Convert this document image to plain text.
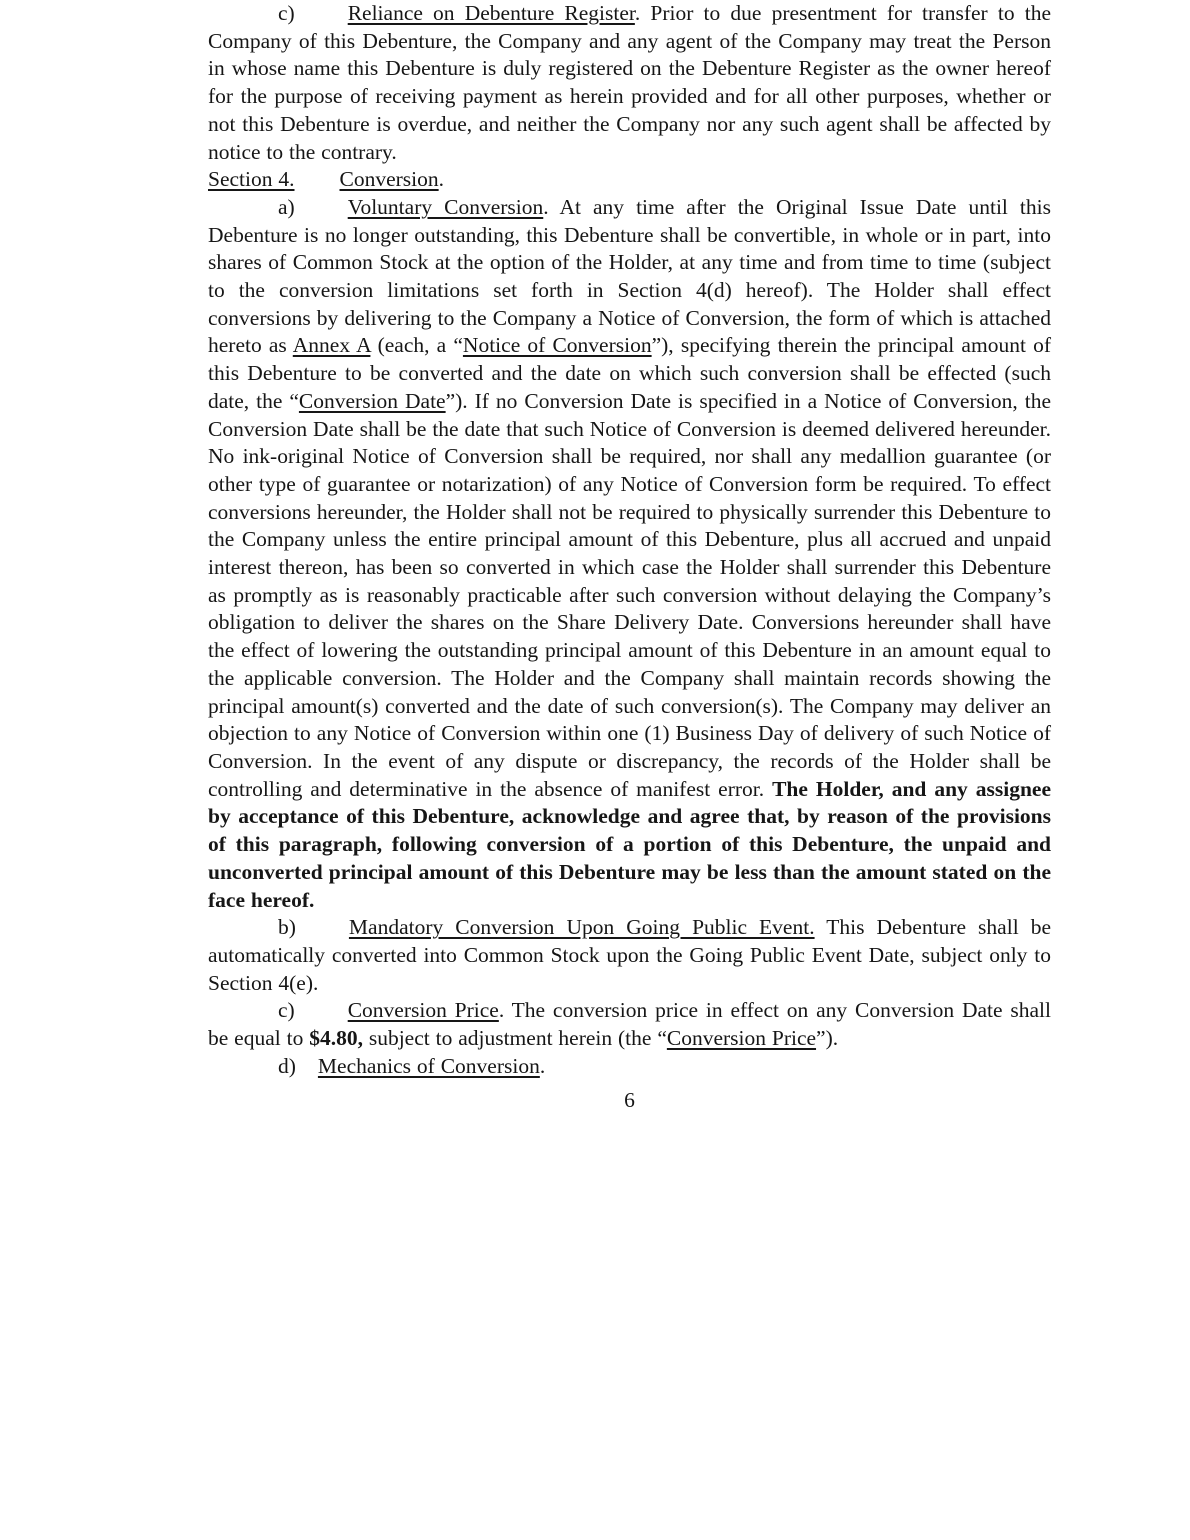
c) Reliance on Debenture Register. Prior to due presentment for transfer to the Company of this Debenture, the Company and any agent of the Company may treat the Person in whose name this Debenture is duly registered on the Debenture Register as the owner hereof for the purpose of receiving payment as herein provided and for all other purposes, whether or not this Debenture is overdue, and neither the Company nor any such agent shall be affected by notice to the contrary.

Section 4. Conversion.

a) Voluntary Conversion. At any time after the Original Issue Date until this Debenture is no longer outstanding, this Debenture shall be convertible, in whole or in part, into shares of Common Stock at the option of the Holder, at any time and from time to time (subject to the conversion limitations set forth in Section 4(d) hereof). The Holder shall effect conversions by delivering to the Company a Notice of Conversion, the form of which is attached hereto as Annex A (each, a “Notice of Conversion”), specifying therein the principal amount of this Debenture to be converted and the date on which such conversion shall be effected (such date, the “Conversion Date”). If no Conversion Date is specified in a Notice of Conversion, the Conversion Date shall be the date that such Notice of Conversion is deemed delivered hereunder. No ink-original Notice of Conversion shall be required, nor shall any medallion guarantee (or other type of guarantee or notarization) of any Notice of Conversion form be required. To effect conversions hereunder, the Holder shall not be required to physically surrender this Debenture to the Company unless the entire principal amount of this Debenture, plus all accrued and unpaid interest thereon, has been so converted in which case the Holder shall surrender this Debenture as promptly as is reasonably practicable after such conversion without delaying the Company’s obligation to deliver the shares on the Share Delivery Date. Conversions hereunder shall have the effect of lowering the outstanding principal amount of this Debenture in an amount equal to the applicable conversion. The Holder and the Company shall maintain records showing the principal amount(s) converted and the date of such conversion(s). The Company may deliver an objection to any Notice of Conversion within one (1) Business Day of delivery of such Notice of Conversion. In the event of any dispute or discrepancy, the records of the Holder shall be controlling and determinative in the absence of manifest error. The Holder, and any assignee by acceptance of this Debenture, acknowledge and agree that, by reason of the provisions of this paragraph, following conversion of a portion of this Debenture, the unpaid and unconverted principal amount of this Debenture may be less than the amount stated on the face hereof.

b) Mandatory Conversion Upon Going Public Event. This Debenture shall be automatically converted into Common Stock upon the Going Public Event Date, subject only to Section 4(e).

c) Conversion Price. The conversion price in effect on any Conversion Date shall be equal to $4.80, subject to adjustment herein (the “Conversion Price”).

d) Mechanics of Conversion.

6
